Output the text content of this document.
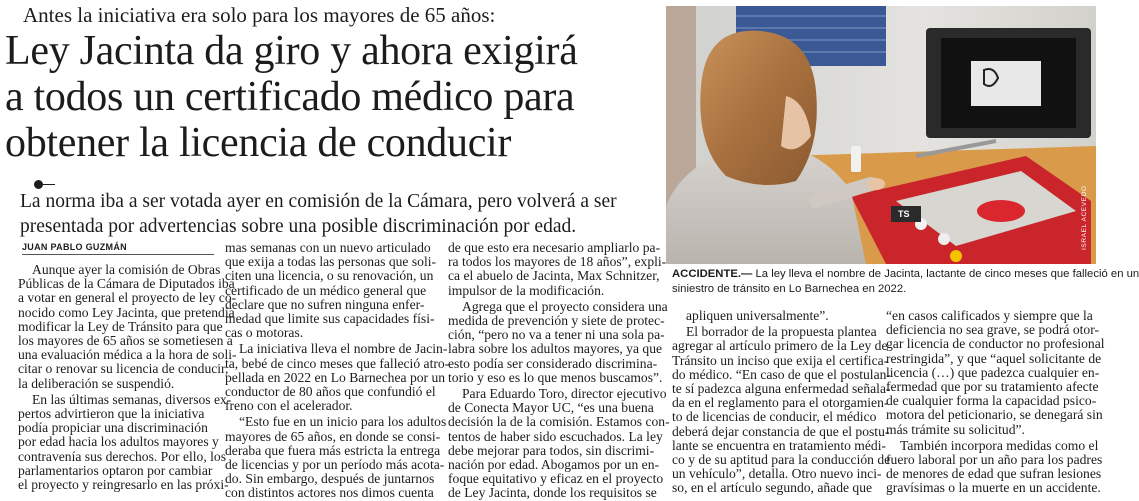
Antes la iniciativa era solo para los mayores de 65 años:
Ley Jacinta da giro y ahora exigirá
a todos un certificado médico para
obtener la licencia de conducir
La norma iba a ser votada ayer en comisión de la Cámara, pero volverá a ser
presentada por advertencias sobre una posible discriminación por edad.
JUAN PABLO GUZMÁN
Aunque ayer la comisión de Obras
Públicas de la Cámara de Diputados iba
a votar en general el proyecto de ley co-
nocido como Ley Jacinta, que pretendía
modificar la Ley de Tránsito para que
los mayores de 65 años se sometiesen a
una evaluación médica a la hora de soli-
citar o renovar su licencia de conducir,
la deliberación se suspendió.
En las últimas semanas, diversos ex-
pertos advirtieron que la iniciativa
podía propiciar una discriminación
por edad hacia los adultos mayores y
contravenía sus derechos. Por ello, los
parlamentarios optaron por cambiar
el proyecto y reingresarlo en las próxi-
mas semanas con un nuevo articulado
que exija a todas las personas que soli-
citen una licencia, o su renovación, un
certificado de un médico general que
declare que no sufren ninguna enfer-
medad que limite sus capacidades físi-
cas o motoras.
La iniciativa lleva el nombre de Jacin-
ta, bebé de cinco meses que falleció atro-
pellada en 2022 en Lo Barnechea por un
conductor de 80 años que confundió el
freno con el acelerador.
“Esto fue en un inicio para los adultos
mayores de 65 años, en donde se consi-
deraba que fuera más estricta la entrega
de licencias y por un período más acota-
do. Sin embargo, después de juntarnos
con distintos actores nos dimos cuenta
de que esto era necesario ampliarlo pa-
ra todos los mayores de 18 años”, expli-
ca el abuelo de Jacinta, Max Schnitzer,
impulsor de la modificación.
Agrega que el proyecto considera una
medida de prevención y siete de protec-
ción, “pero no va a tener ni una sola pa-
labra sobre los adultos mayores, ya que
esto podía ser considerado discrimina-
torio y eso es lo que menos buscamos”.
Para Eduardo Toro, director ejecutivo
de Conecta Mayor UC, “es una buena
decisión la de la comisión. Estamos con-
tentos de haber sido escuchados. La ley
debe mejorar para todos, sin discrimi-
nación por edad. Abogamos por un en-
foque equitativo y eficaz en el proyecto
de Ley Jacinta, donde los requisitos se
apliquen universalmente”.
El borrador de la propuesta plantea
agregar al artículo primero de la Ley de
Tránsito un inciso que exija el certifica-
do médico. “En caso de que el postulan-
te sí padezca alguna enfermedad señala-
da en el reglamento para el otorgamien-
to de licencias de conducir, el médico
deberá dejar constancia de que el postu-
lante se encuentra en tratamiento médi-
co y de su aptitud para la conducción de
un vehículo”, detalla. Otro nuevo inci-
so, en el artículo segundo, añade que
“en casos calificados y siempre que la
deficiencia no sea grave, se podrá otor-
gar licencia de conductor no profesional
restringida”, y que “aquel solicitante de
licencia (…) que padezca cualquier en-
fermedad que por su tratamiento afecte
de cualquier forma la capacidad psico-
motora del peticionario, se denegará sin
más trámite su solicitud”.
También incorpora medidas como el
fuero laboral por un año para los padres
de menores de edad que sufran lesiones
gravísimas o la muerte en un accidente.
TS	ISRAEL ACEVEDO
ACCIDENTE.— La ley lleva el nombre de Jacinta, lactante de cinco meses que falleció en un
siniestro de tránsito en Lo Barnechea en 2022.
